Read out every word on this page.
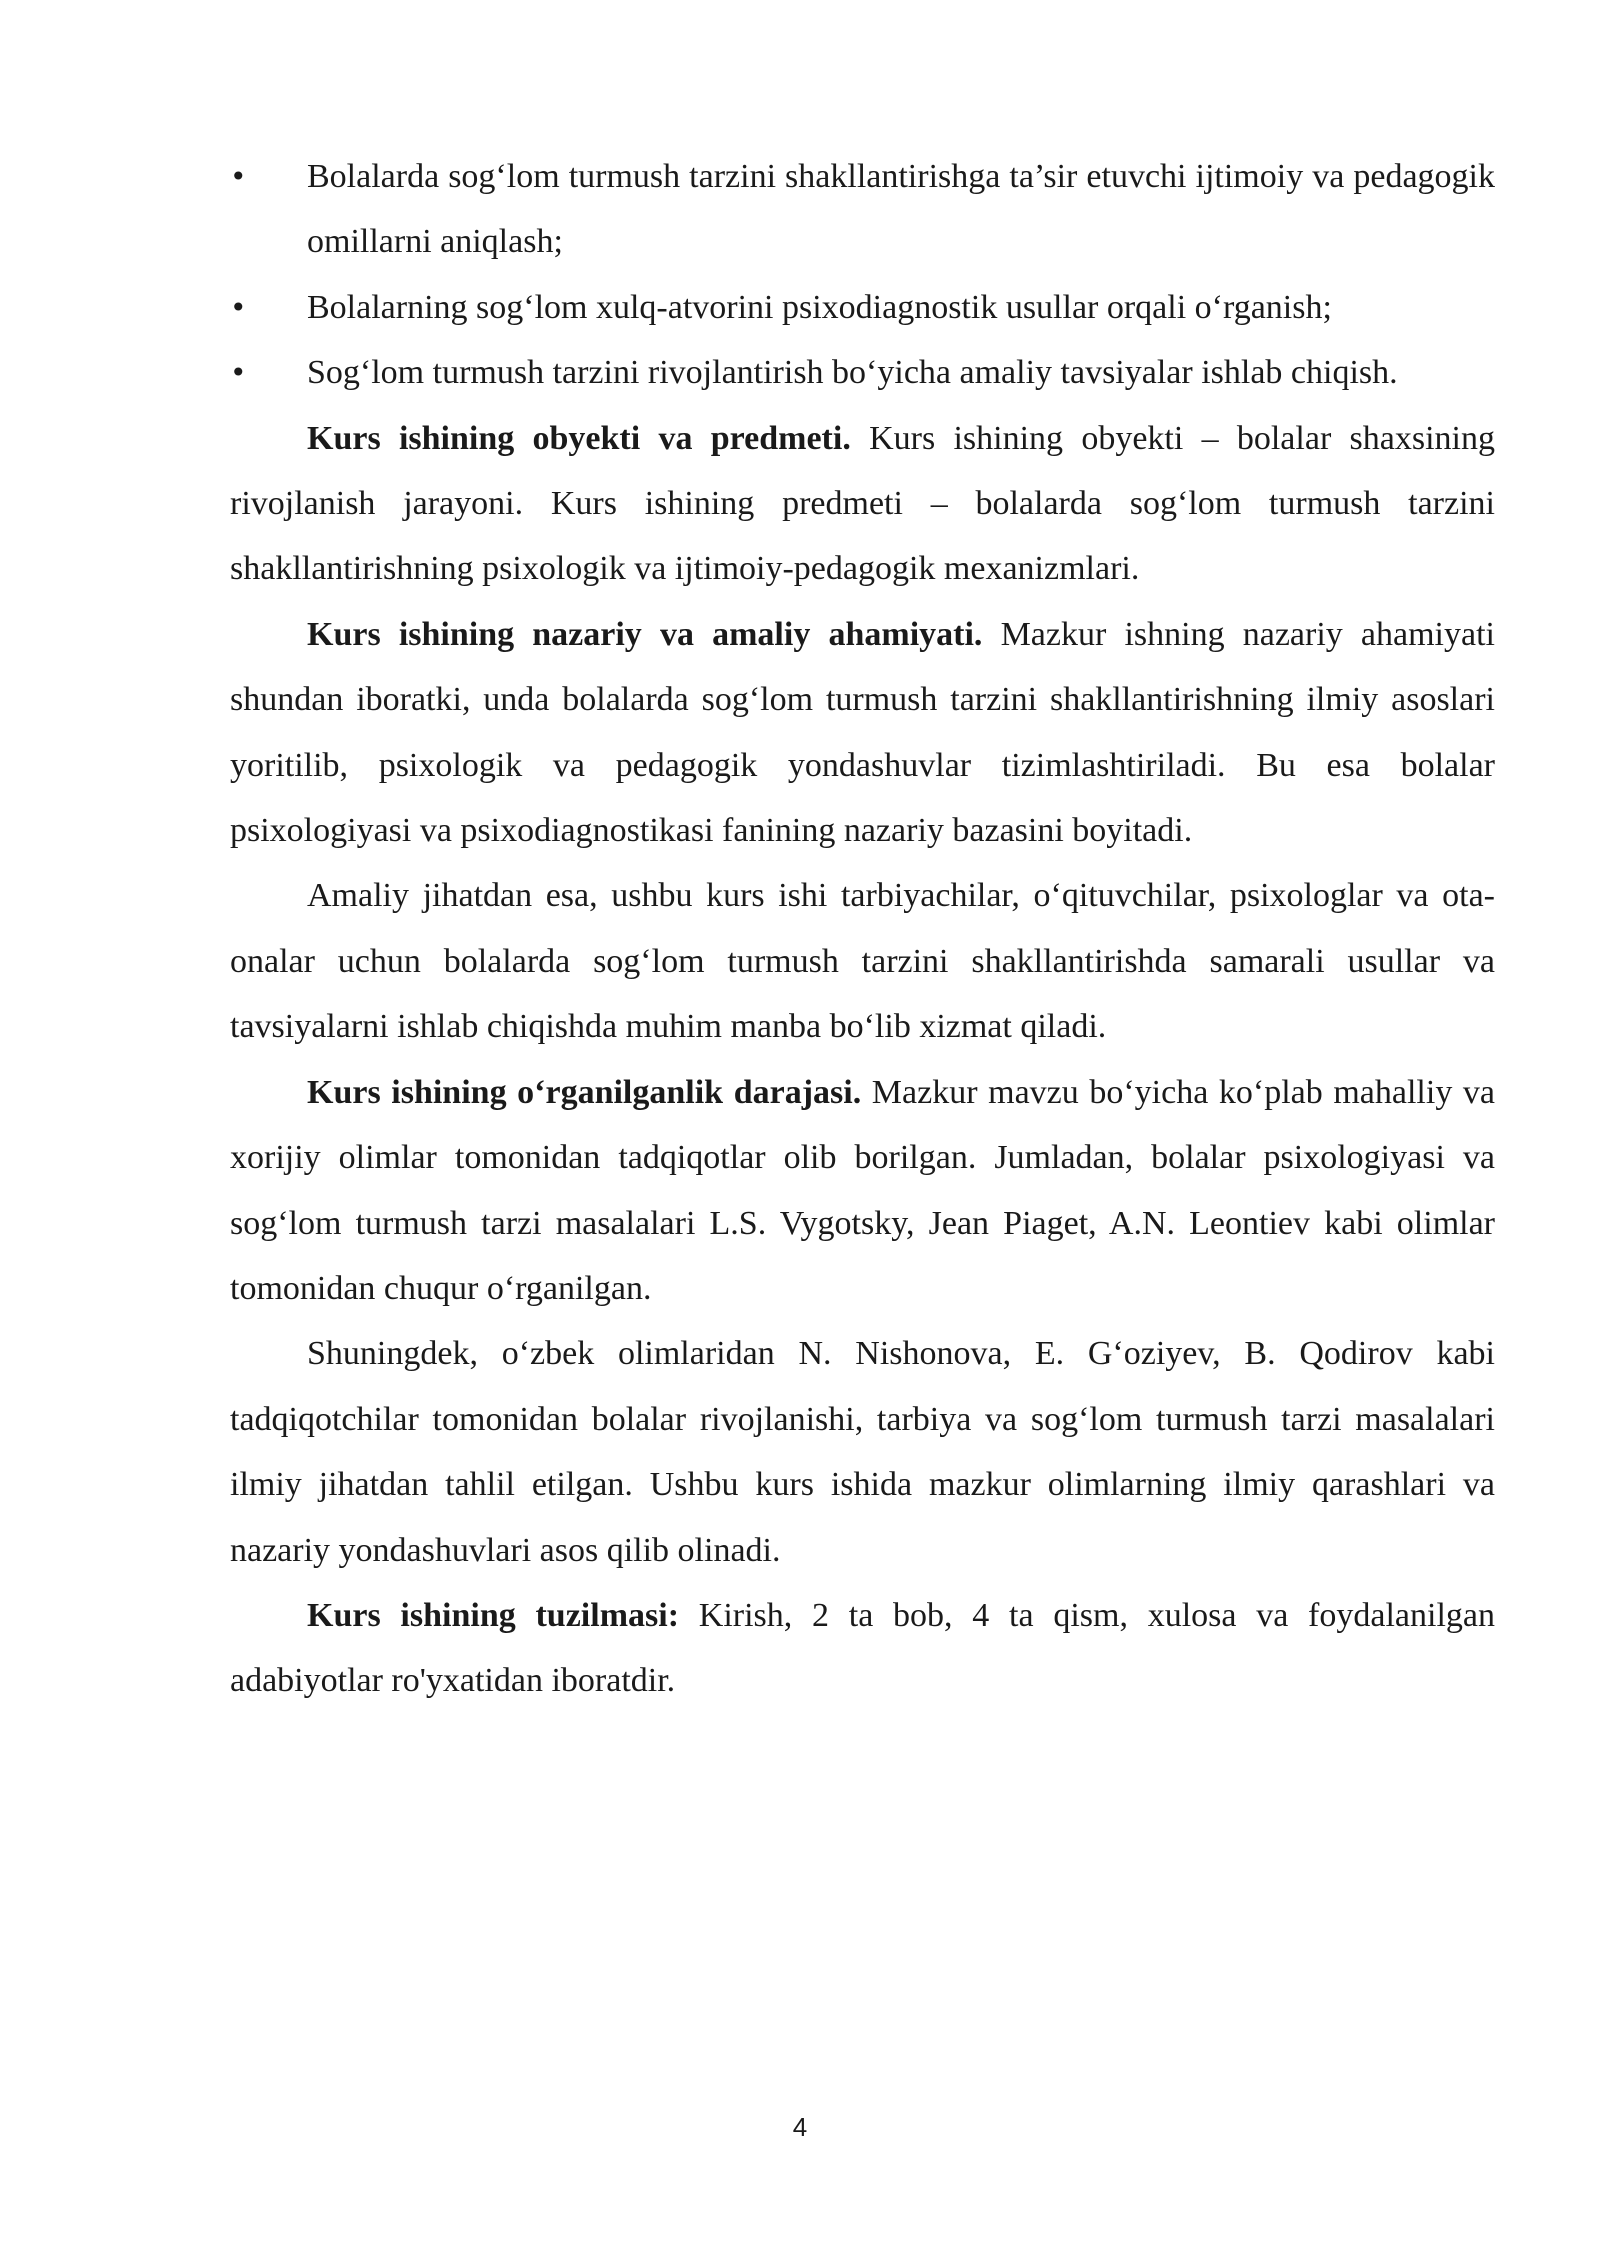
•	Bolalarda sog‘lom turmush tarzini shakllantirishga ta’sir etuvchi ijtimoiy va pedagogik omillarni aniqlash;
•	Bolalarning sog‘lom xulq-atvorini psixodiagnostik usullar orqali o‘rganish;
•	Sog‘lom turmush tarzini rivojlantirish bo‘yicha amaliy tavsiyalar ishlab chiqish.

Kurs ishining obyekti va predmeti. Kurs ishining obyekti – bolalar shaxsining rivojlanish jarayoni. Kurs ishining predmeti – bolalarda sog‘lom turmush tarzini shakllantirishning psixologik va ijtimoiy-pedagogik mexanizmlari.

Kurs ishining nazariy va amaliy ahamiyati. Mazkur ishning nazariy ahamiyati shundan iboratki, unda bolalarda sog‘lom turmush tarzini shakllantirishning ilmiy asoslari yoritilib, psixologik va pedagogik yondashuvlar tizimlashtiriladi. Bu esa bolalar psixologiyasi va psixodiagnostikasi fanining nazariy bazasini boyitadi.

Amaliy jihatdan esa, ushbu kurs ishi tarbiyachilar, o‘qituvchilar, psixologlar va ota-onalar uchun bolalarda sog‘lom turmush tarzini shakllantirishda samarali usullar va tavsiyalarni ishlab chiqishda muhim manba bo‘lib xizmat qiladi.

Kurs ishining o‘rganilganlik darajasi. Mazkur mavzu bo‘yicha ko‘plab mahalliy va xorijiy olimlar tomonidan tadqiqotlar olib borilgan. Jumladan, bolalar psixologiyasi va sog‘lom turmush tarzi masalalari L.S. Vygotsky, Jean Piaget, A.N. Leontiev kabi olimlar tomonidan chuqur o‘rganilgan.

Shuningdek, o‘zbek olimlaridan N. Nishonova, E. G‘oziyev, B. Qodirov kabi tadqiqotchilar tomonidan bolalar rivojlanishi, tarbiya va sog‘lom turmush tarzi masalalari ilmiy jihatdan tahlil etilgan. Ushbu kurs ishida mazkur olimlarning ilmiy qarashlari va nazariy yondashuvlari asos qilib olinadi.

Kurs ishining tuzilmasi: Kirish, 2 ta bob, 4 ta qism, xulosa va foydalanilgan adabiyotlar ro'yxatidan iboratdir.

4
